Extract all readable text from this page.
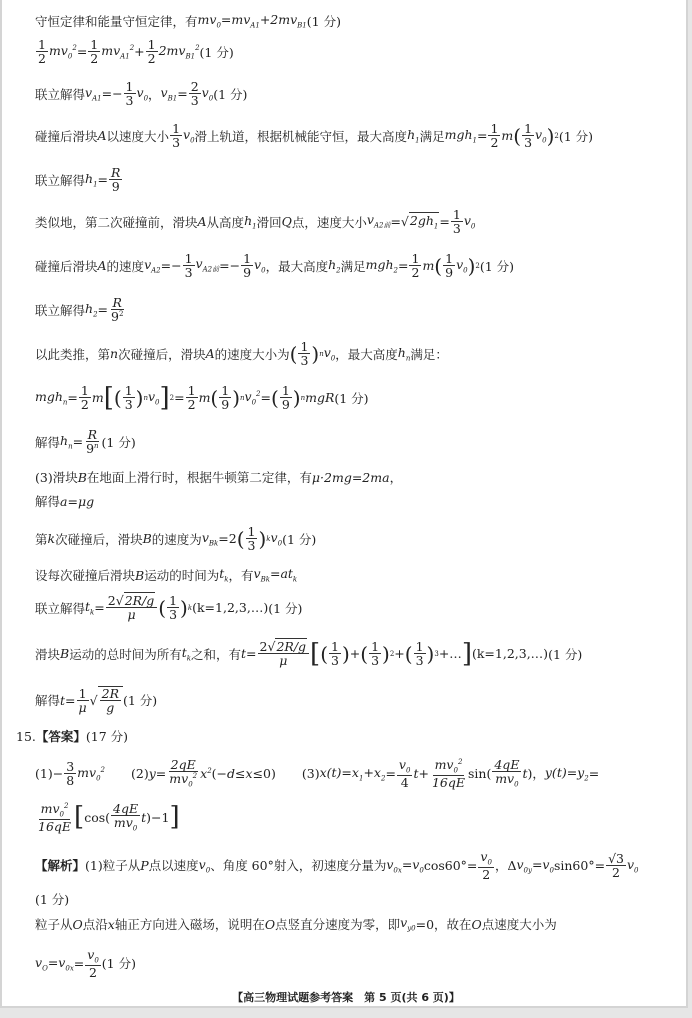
守恒定律和能量守恒定律，有 $mv_0=mv_{A1}+2mv_{B1}$ (1 分)
$\frac{1}{2} mv_0^2 = \frac{1}{2} mv_{A1}^2 + \frac{1}{2} 2mv_{B1}^2$ (1 分)
联立解得 $v_{A1} =- \frac{1}{3} v_0$ ， $v_{B1} = \frac{2}{3} v_0$ (1 分)
碰撞后滑块 A 以速度大小 $\frac{1}{3} v_0$ 滑上轨道，根据机械能守恒，最大高度 $h_1$ 满足 $mgh_1 = \frac{1}{2}$ m ( $\frac{1}{3} v_0$ ) 2 (1 分)
联立解得 $h_1 = \frac{R}{9}$
类似地，第二次碰撞前，滑块 A 从高度 $h_1$ 滑回 Q 点，速度大小 $v_{A2前}$ =√ $2gh_1 = \frac{1}{3} v_0$
碰撞后滑块 A 的速度 $v_{A2} =- \frac{1}{3} v_{A2前} =- \frac{1}{9} v_0$ ，最大高度 $h_2$ 满足 $mgh_2 = \frac{1}{2}$ m ( $\frac{1}{9} v_0$ ) 2 (1 分)
联立解得 $h_2 = \frac{R}{9^2}$
以此类推，第 n 次碰撞后，滑块 A 的速度大小为 ( $\frac{1}{3}$ ) n $v_0$ ，最大高度 $h_n$ 满足：
$mgh_n = \frac{1}{2}$ m [ ( $\frac{1}{3}$ ) n $v_0$ ] $2 = \frac{1}{2}$ m ( $\frac{1}{9}$ ) n $v_0^2$ = ( $\frac{1}{9}$ ) n mgR (1 分)
解得 $h_n = \frac{R}{9^n} (1$ 分)
(3)滑块 B 在地面上滑行时，根据牛顿第二定律，有 μ·2mg=2ma ，
解得 a=μg
第 k 次碰撞后，滑块 B 的速度为 $v_{Bk} =2$ ( $\frac{1}{3}$ ) k $v_0$ (1 分)
设每次碰撞后滑块 B 运动的时间为 $t_k$ ，有 $v_{Bk}=at_k$
联立解得 $t_k = \frac{2√2R/g}{\mu}$ ( $\frac{1}{3}$ ) k (k=1,2,3,…) (1 分)
滑块 B 运动的总时间为所有 $t_k$ 之和，有 $t = \frac{2√2R/g}{\mu}$ [ ( $\frac{1}{3}$ ) + ( $\frac{1}{3}$ ) 2 + ( $\frac{1}{3}$ ) 3 +… ] (k=1,2,3,…) (1 分)
解得 $t = \frac{1}{\mu}$ √ $\frac{2R}{g} (1$ 分)
15. 【答案】 (17 分)
$(1)- \frac{3}{8} mv_0^2$ (2) $y = \frac{2qE}{mv_0^2} x^2$ (− d ≤ x ≤0) (3) $x(t)=x_1+x_2 = \frac{v_0}{4}$ $t + \frac{mv_0^2}{16qE} \sin( \frac{4qE}{mv_0}$ t )， $y(t)=y_2$ =
$\frac{mv_0^2}{16qE}$ [ $\cos( \frac{4qE}{mv_0}$ t )−1 ]
【解析】 (1)粒子从 P 点以速度 $v_0$ 、角度 60°射入，初速度分量为 $v_{0x}=v_0$ $\cos 60^\circ= \frac{v_0}{2}$ ，Δ $v_{0y}=v_0$ $\sin 60^\circ= \frac{√3}{2} v_0$
(1 分)
粒子从 O 点沿 x 轴正方向进入磁场，说明在 O 点竖直分速度为零，即 $v_{y0} =0$，故在 O 点速度大小为
$v_O=v_{0x} = \frac{v_0}{2} (1$ 分)
【高三物理试题参考答案　第 5 页(共 6 页)】
